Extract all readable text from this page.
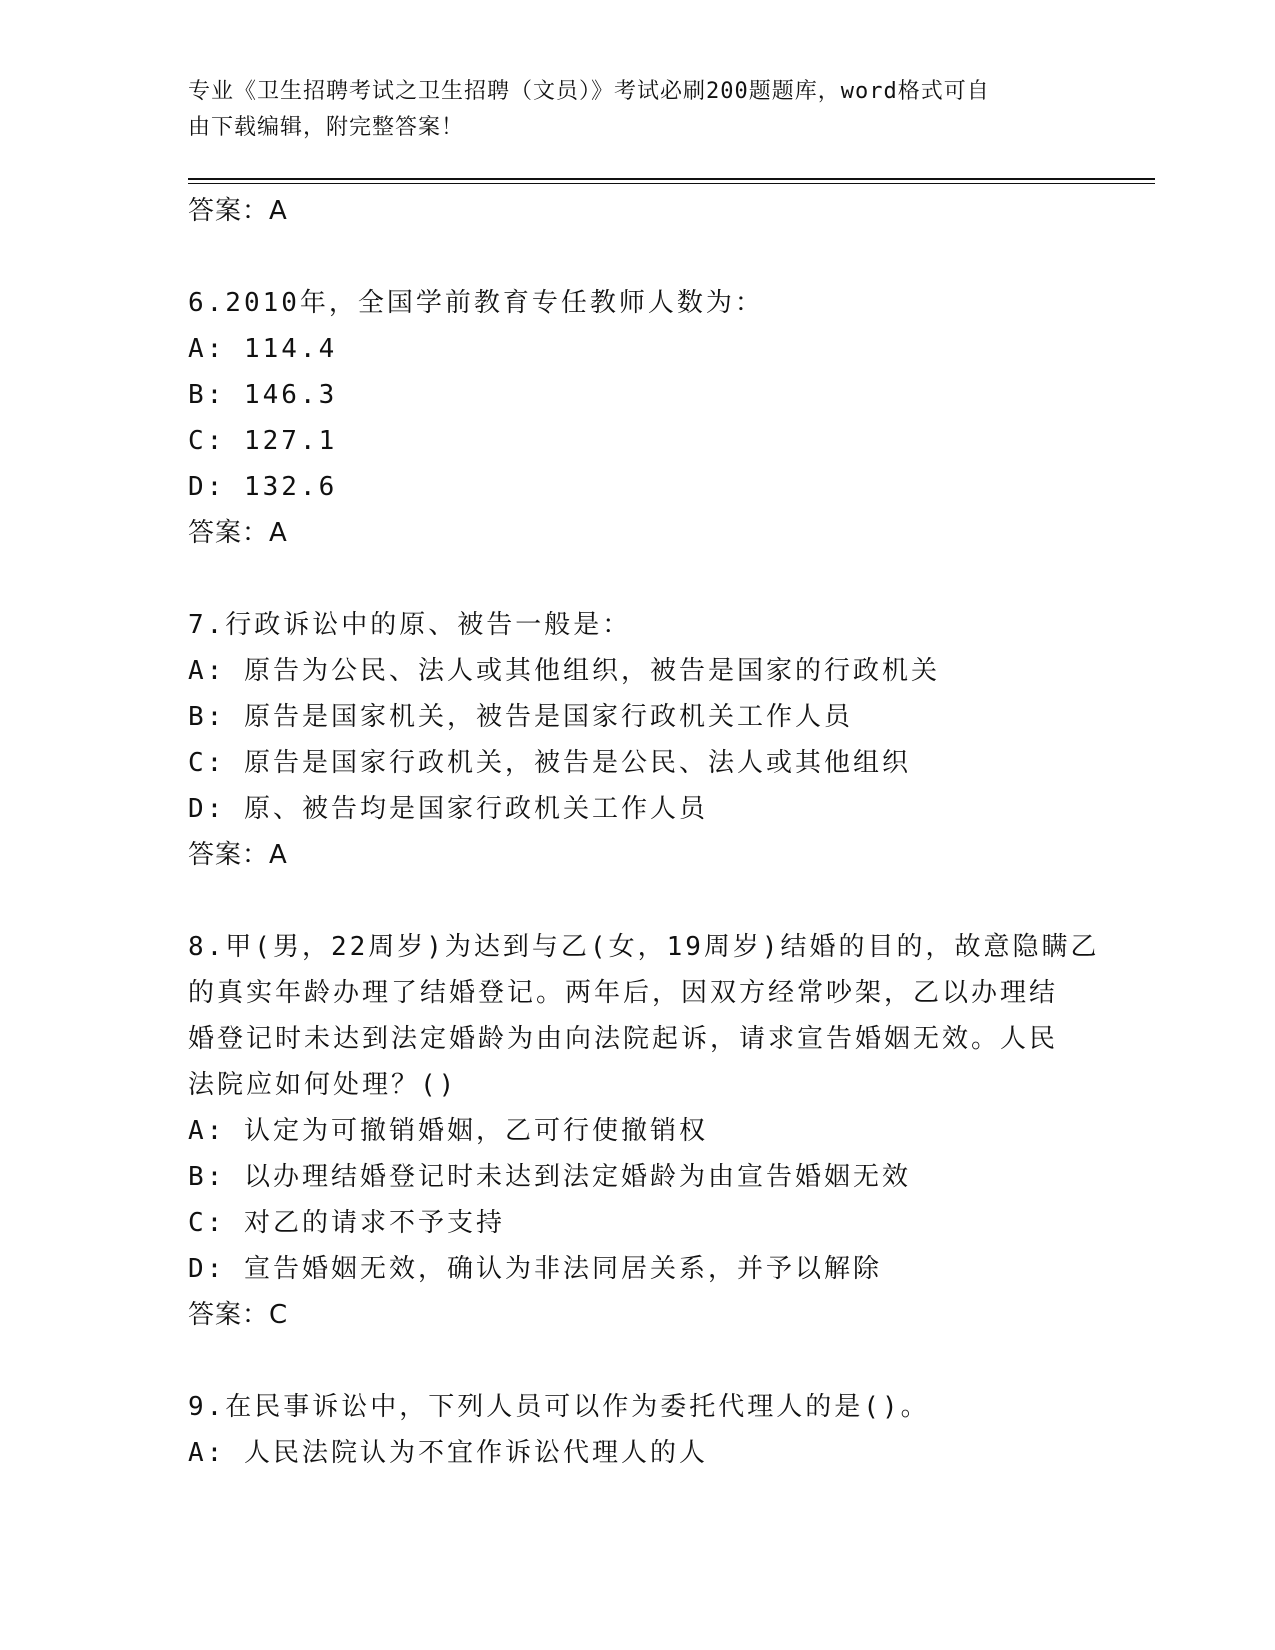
专业《卫生招聘考试之卫生招聘（文员）》考试必刷200题题库，word格式可自
由下载编辑，附完整答案！
答案：A
6.2010年，全国学前教育专任教师人数为：
A: 114.4
B: 146.3
C: 127.1
D: 132.6
答案：A
7.行政诉讼中的原、被告一般是：
A: 原告为公民、法人或其他组织，被告是国家的行政机关
B: 原告是国家机关，被告是国家行政机关工作人员
C: 原告是国家行政机关，被告是公民、法人或其他组织
D: 原、被告均是国家行政机关工作人员
答案：A
8.甲(男，22周岁)为达到与乙(女，19周岁)结婚的目的，故意隐瞒乙
的真实年龄办理了结婚登记。两年后，因双方经常吵架，乙以办理结
婚登记时未达到法定婚龄为由向法院起诉，请求宣告婚姻无效。人民
法院应如何处理？()
A: 认定为可撤销婚姻，乙可行使撤销权
B: 以办理结婚登记时未达到法定婚龄为由宣告婚姻无效
C: 对乙的请求不予支持
D: 宣告婚姻无效，确认为非法同居关系，并予以解除
答案：C
9.在民事诉讼中，下列人员可以作为委托代理人的是()。
A: 人民法院认为不宜作诉讼代理人的人
